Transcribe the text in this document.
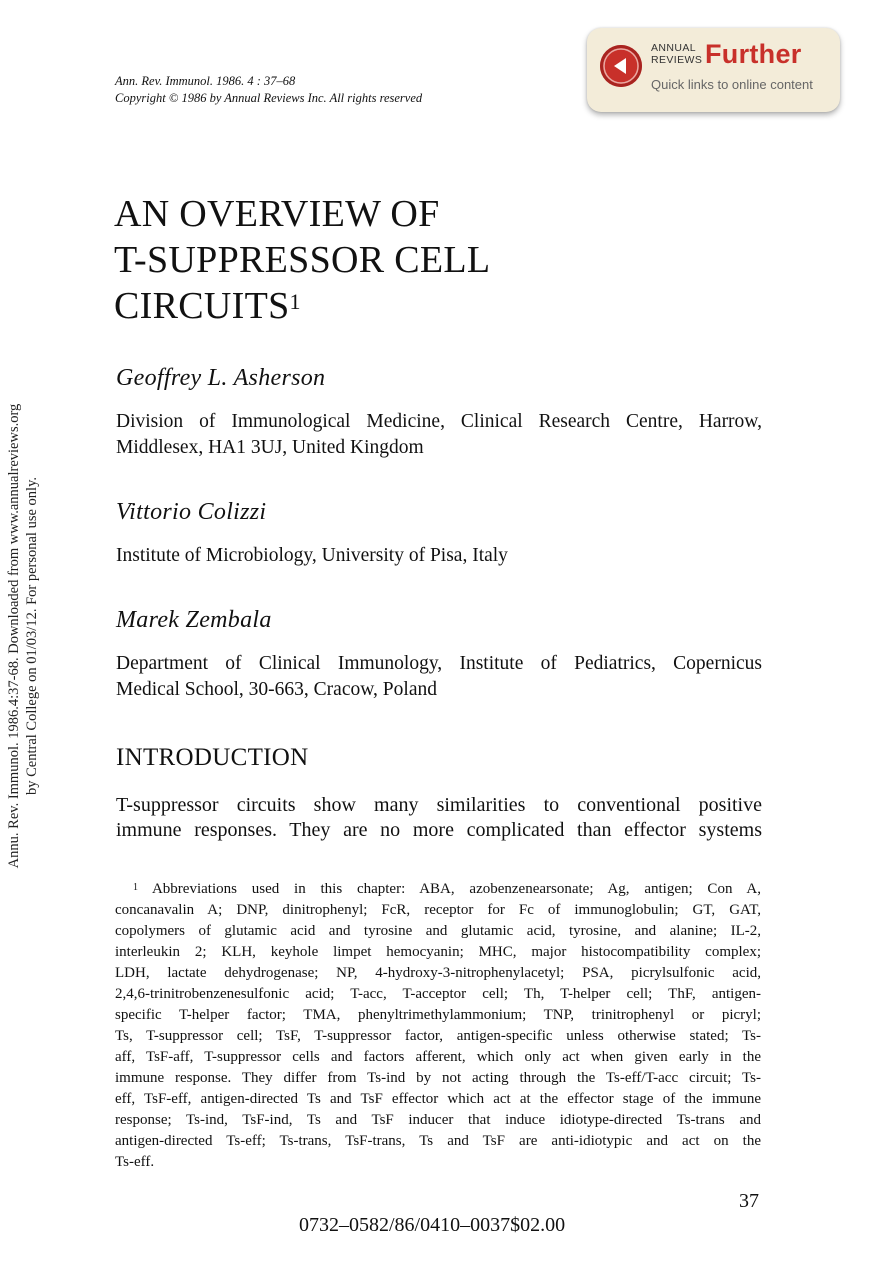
Ann. Rev. Immunol. 1986. 4 : 37–68
Copyright © 1986 by Annual Reviews Inc. All rights reserved
ANNUAL
REVIEWS Further
Quick links to online content
Annu. Rev. Immunol. 1986.4:37-68. Downloaded from www.annualreviews.org by Central College on 01/03/12. For personal use only.
AN OVERVIEW OF
T-SUPPRESSOR CELL
CIRCUITS$^1$
Geoffrey L. Asherson
Division of Immunological Medicine, Clinical Research Centre, Harrow,
Middlesex, HA1 3UJ, United Kingdom
Vittorio Colizzi
Institute of Microbiology, University of Pisa, Italy
Marek Zembala
Department of Clinical Immunology, Institute of Pediatrics, Copernicus
Medical School, 30-663, Cracow, Poland
INTRODUCTION
T-suppressor circuits show many similarities to conventional positive
immune responses. They are no more complicated than effector systems
$^1$ Abbreviations used in this chapter: ABA, azobenzenearsonate; Ag, antigen; Con A,
concanavalin A; DNP, dinitrophenyl; FcR, receptor for Fc of immunoglobulin; GT, GAT,
copolymers of glutamic acid and tyrosine and glutamic acid, tyrosine, and alanine; IL-2,
interleukin 2; KLH, keyhole limpet hemocyanin; MHC, major histocompatibility complex;
LDH, lactate dehydrogenase; NP, 4-hydroxy-3-nitrophenylacetyl; PSA, picrylsulfonic acid,
2,4,6-trinitrobenzenesulfonic acid; T-acc, T-acceptor cell; Th, T-helper cell; ThF, antigen-
specific T-helper factor; TMA, phenyltrimethylammonium; TNP, trinitrophenyl or picryl;
Ts, T-suppressor cell; TsF, T-suppressor factor, antigen-specific unless otherwise stated; Ts-
aff, TsF-aff, T-suppressor cells and factors afferent, which only act when given early in the
immune response. They differ from Ts-ind by not acting through the Ts-eff/T-acc circuit; Ts-
eff, TsF-eff, antigen-directed Ts and TsF effector which act at the effector stage of the immune
response; Ts-ind, TsF-ind, Ts and TsF inducer that induce idiotype-directed Ts-trans and
antigen-directed Ts-eff; Ts-trans, TsF-trans, Ts and TsF are anti-idiotypic and act on the
Ts-eff.
37
0732–0582/86/0410–0037$02.00
